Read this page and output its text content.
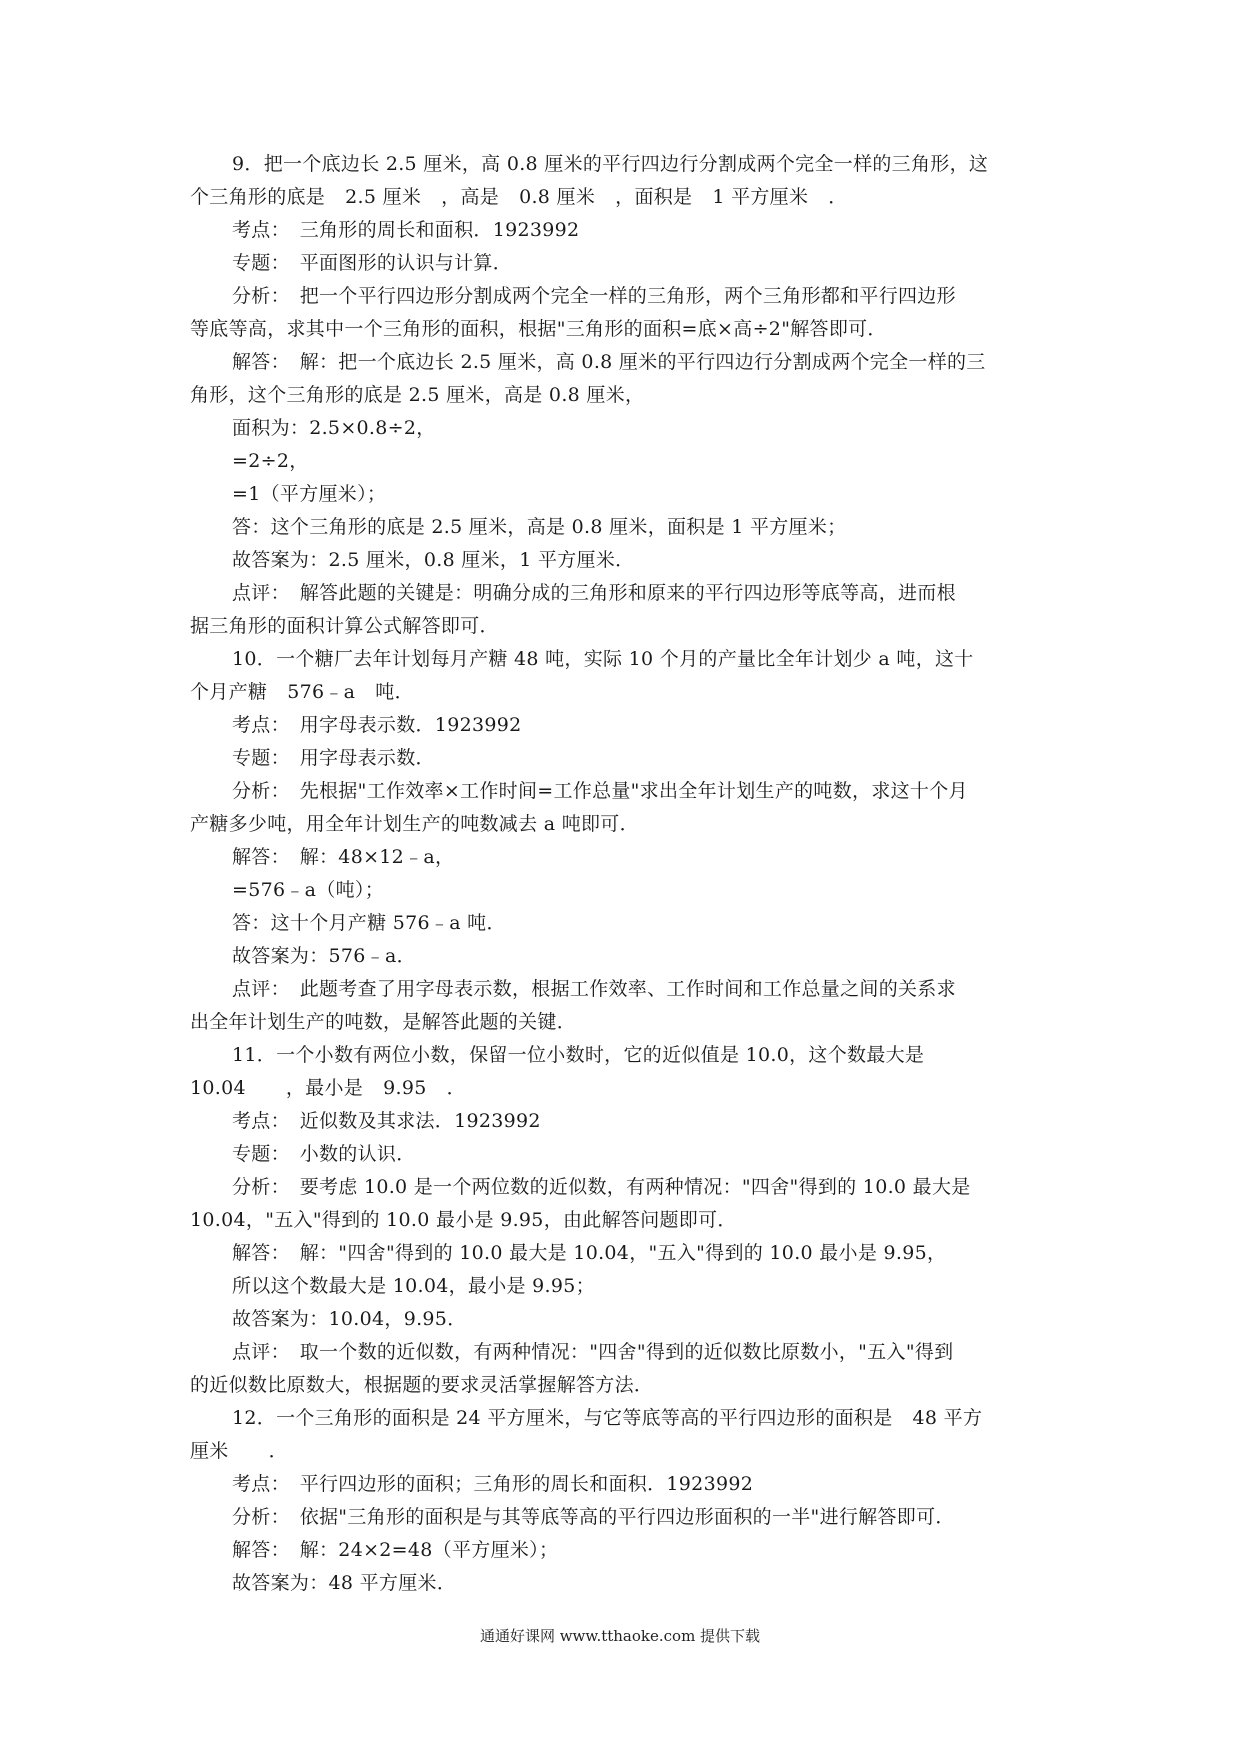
9．把一个底边长 2.5 厘米，高 0.8 厘米的平行四边行分割成两个完全一样的三角形，这
个三角形的底是 2.5 厘米 ，高是 0.8 厘米 ，面积是 1 平方厘米 ．
考点：　三角形的周长和面积．1923992
专题：　平面图形的认识与计算．
分析：　把一个平行四边形分割成两个完全一样的三角形，两个三角形都和平行四边形
等底等高，求其中一个三角形的面积，根据"三角形的面积=底×高÷2"解答即可．
解答：　解：把一个底边长 2.5 厘米，高 0.8 厘米的平行四边行分割成两个完全一样的三
角形，这个三角形的底是 2.5 厘米，高是 0.8 厘米，
面积为：2.5×0.8÷2，
=2÷2，
=1（平方厘米）；
答：这个三角形的底是 2.5 厘米，高是 0.8 厘米，面积是 1 平方厘米；
故答案为：2.5 厘米，0.8 厘米，1 平方厘米．
点评：　解答此题的关键是：明确分成的三角形和原来的平行四边形等底等高，进而根
据三角形的面积计算公式解答即可．
10．一个糖厂去年计划每月产糖 48 吨，实际 10 个月的产量比全年计划少 a 吨，这十
个月产糖 576﹣a 吨．
考点：　用字母表示数．1923992
专题：　用字母表示数．
分析：　先根据"工作效率×工作时间=工作总量"求出全年计划生产的吨数，求这十个月
产糖多少吨，用全年计划生产的吨数减去 a 吨即可．
解答：　解：48×12﹣a，
=576﹣a（吨）；
答：这十个月产糖 576﹣a 吨．
故答案为：576﹣a．
点评：　此题考查了用字母表示数，根据工作效率、工作时间和工作总量之间的关系求
出全年计划生产的吨数，是解答此题的关键．
11．一个小数有两位小数，保留一位小数时，它的近似值是 10.0，这个数最大是
10.04 ，最小是 9.95 ．
考点：　近似数及其求法．1923992
专题：　小数的认识．
分析：　要考虑 10.0 是一个两位数的近似数，有两种情况："四舍"得到的 10.0 最大是
10.04，"五入"得到的 10.0 最小是 9.95，由此解答问题即可．
解答：　解："四舍"得到的 10.0 最大是 10.04，"五入"得到的 10.0 最小是 9.95，
所以这个数最大是 10.04，最小是 9.95；
故答案为：10.04，9.95．
点评：　取一个数的近似数，有两种情况："四舍"得到的近似数比原数小，"五入"得到
的近似数比原数大，根据题的要求灵活掌握解答方法．
12．一个三角形的面积是 24 平方厘米，与它等底等高的平行四边形的面积是 48 平方
厘米 ．
考点：　平行四边形的面积；三角形的周长和面积．1923992
分析：　依据"三角形的面积是与其等底等高的平行四边形面积的一半"进行解答即可．
解答：　解：24×2=48（平方厘米）；
故答案为：48 平方厘米．
通通好课网 www.tthaoke.com 提供下载
